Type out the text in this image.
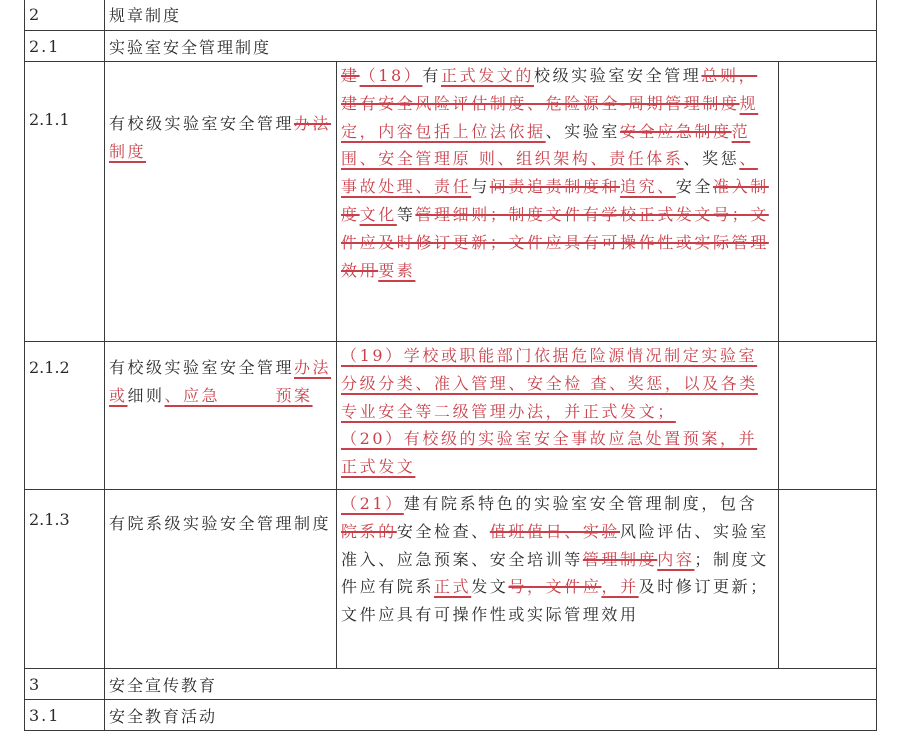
2	规章制度		
2.1	实验室安全管理制度		
2.1.1	有校级实验室安全管理办法制度	建（18）有正式发文的校级实验室安全管理总则，建有安全风险评估制度、危险源全-周期管理制度规定，内容包括上位法依据、实验室安全应急制度范围、安全管理原 则、组织架构、责任体系、奖惩、事故处理、责任与问责追责制度和追究、安全准入制度文化等管理细则；制度文件有学校正式发文号；文件应及时修订更新；文件应具有可操作性或实际管理效用要素	
2.1.2	有校级实验室安全管理办法或细则、应急　　　预案	（19）学校或职能部门依据危险源情况制定实验室分级分类、准入管理、安全检 查、奖惩，以及各类专业安全等二级管理办法，并正式发文；
（20）有校级的实验室安全事故应急处置预案，并正式发文	
2.1.3	有院系级实验安全管理制度	（21）建有院系特色的实验室安全管理制度，包含院系的安全检查、值班值日、实验风险评估、实验室准入、应急预案、安全培训等管理制度内容；制度文件应有院系正式发文号，文件应，并及时修订更新；文件应具有可操作性或实际管理效用	
3	安全宣传教育		
3.1	安全教育活动		
